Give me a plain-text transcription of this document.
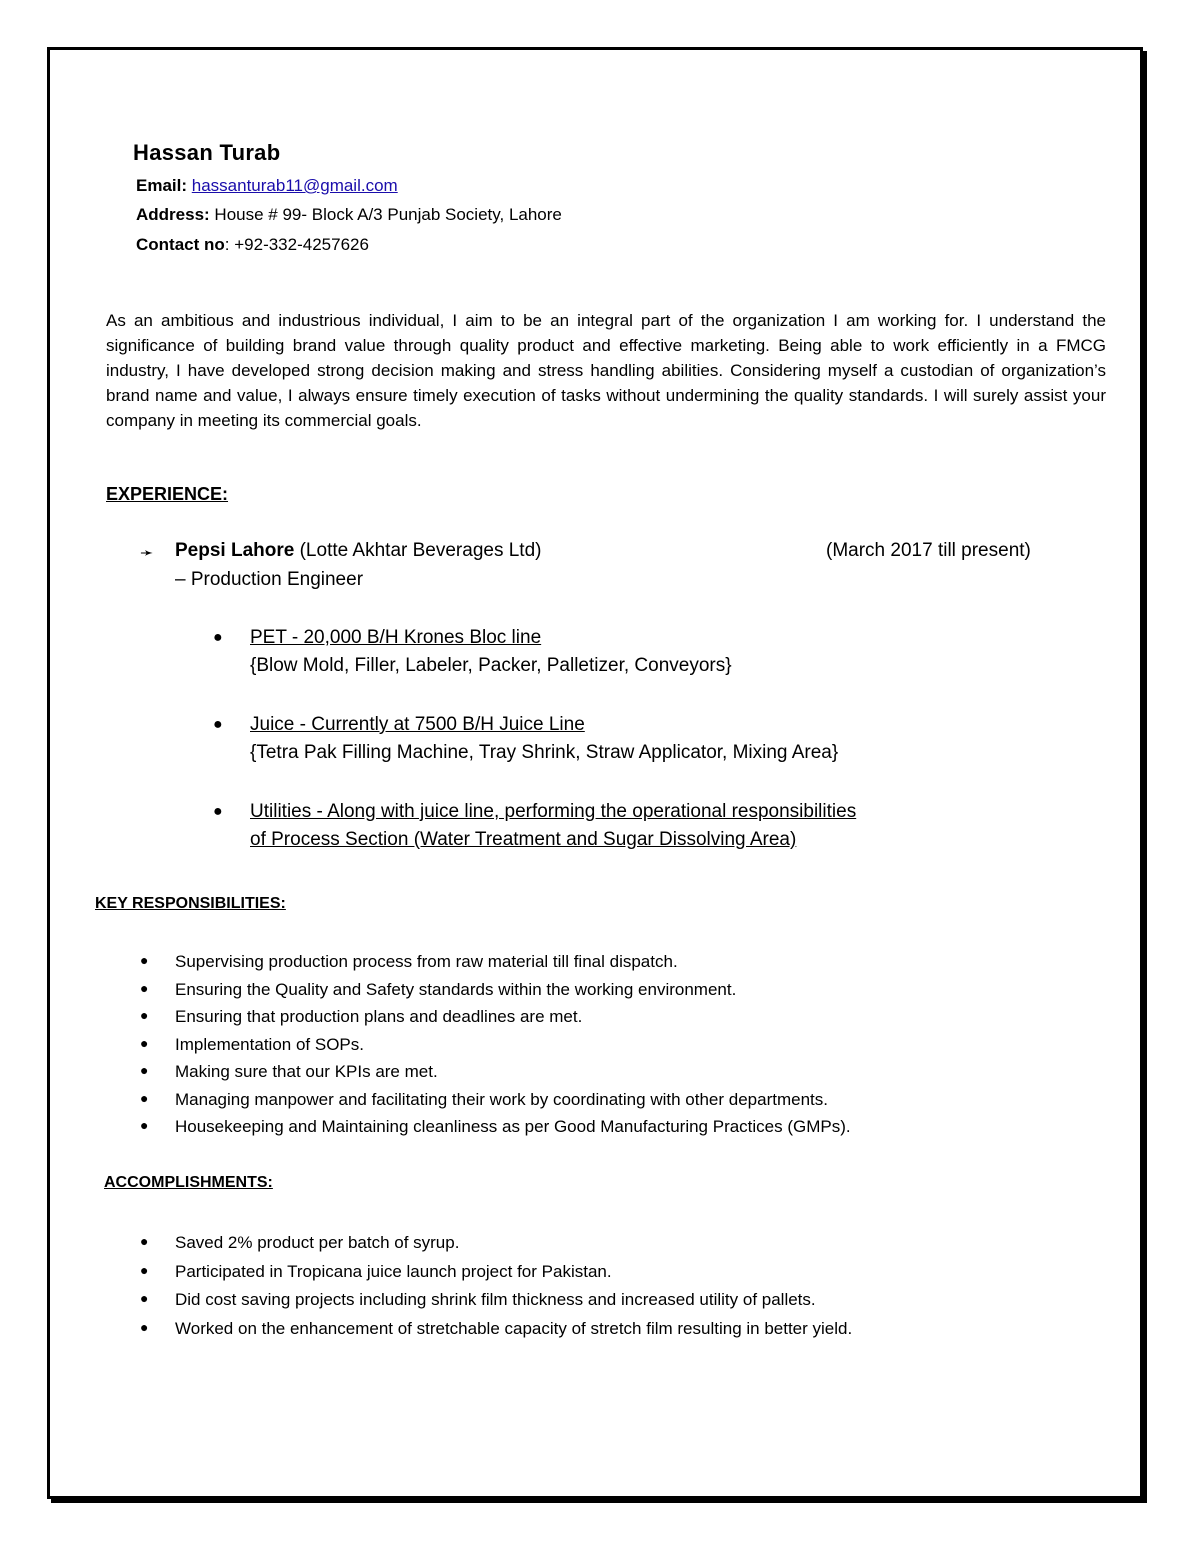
Hassan Turab
Email: hassanturab11@gmail.com
Address: House # 99- Block A/3 Punjab Society, Lahore
Contact no: +92-332-4257626
As an ambitious and industrious individual, I aim to be an integral part of the organization I am working for. I understand the significance of building brand value through quality product and effective marketing. Being able to work efficiently in a FMCG industry, I have developed strong decision making and stress handling abilities. Considering myself a custodian of organization’s brand name and value, I always ensure timely execution of tasks without undermining the quality standards. I will surely assist your company in meeting its commercial goals.
EXPERIENCE:
➛ Pepsi Lahore (Lotte Akhtar Beverages Ltd)
– Production Engineer
(March 2017 till present)
● PET - 20,000 B/H Krones Bloc line
{Blow Mold, Filler, Labeler, Packer, Palletizer, Conveyors}
● Juice - Currently at 7500 B/H Juice Line
{Tetra Pak Filling Machine, Tray Shrink, Straw Applicator, Mixing Area}
● Utilities - Along with juice line, performing the operational responsibilities
of Process Section (Water Treatment and Sugar Dissolving Area)
KEY RESPONSIBILITIES:
● Supervising production process from raw material till final dispatch.
● Ensuring the Quality and Safety standards within the working environment.
● Ensuring that production plans and deadlines are met.
● Implementation of SOPs.
● Making sure that our KPIs are met.
● Managing manpower and facilitating their work by coordinating with other departments.
● Housekeeping and Maintaining cleanliness as per Good Manufacturing Practices (GMPs).
ACCOMPLISHMENTS:
● Saved 2% product per batch of syrup.
● Participated in Tropicana juice launch project for Pakistan.
● Did cost saving projects including shrink film thickness and increased utility of pallets.
● Worked on the enhancement of stretchable capacity of stretch film resulting in better yield.
